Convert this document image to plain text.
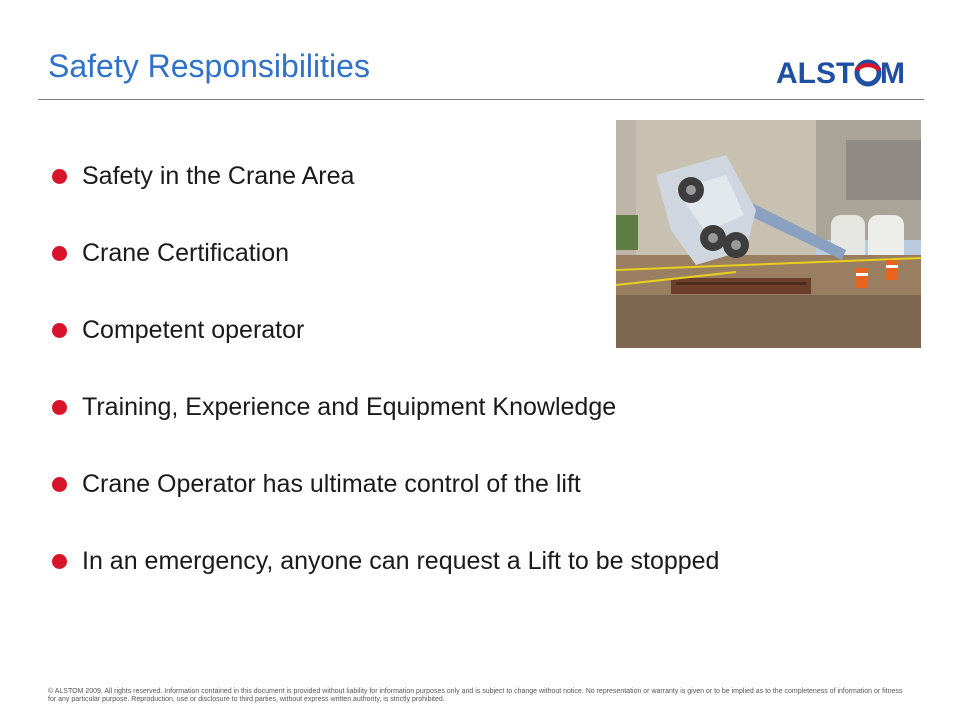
Safety Responsibilities	ALST M
Safety in the Crane Area
Crane Certification
Competent operator
Training, Experience and Equipment Knowledge
Crane Operator has ultimate control of the lift
In an emergency, anyone can request a Lift to be stopped
© ALSTOM 2009. All rights reserved. Information contained in this document is provided without liability for information purposes only and is subject to change without notice. No representation or warranty is given or to be implied as to the completeness of information or fitness for any particular purpose. Reproduction, use or disclosure to third parties, without express written authority, is strictly prohibited.
